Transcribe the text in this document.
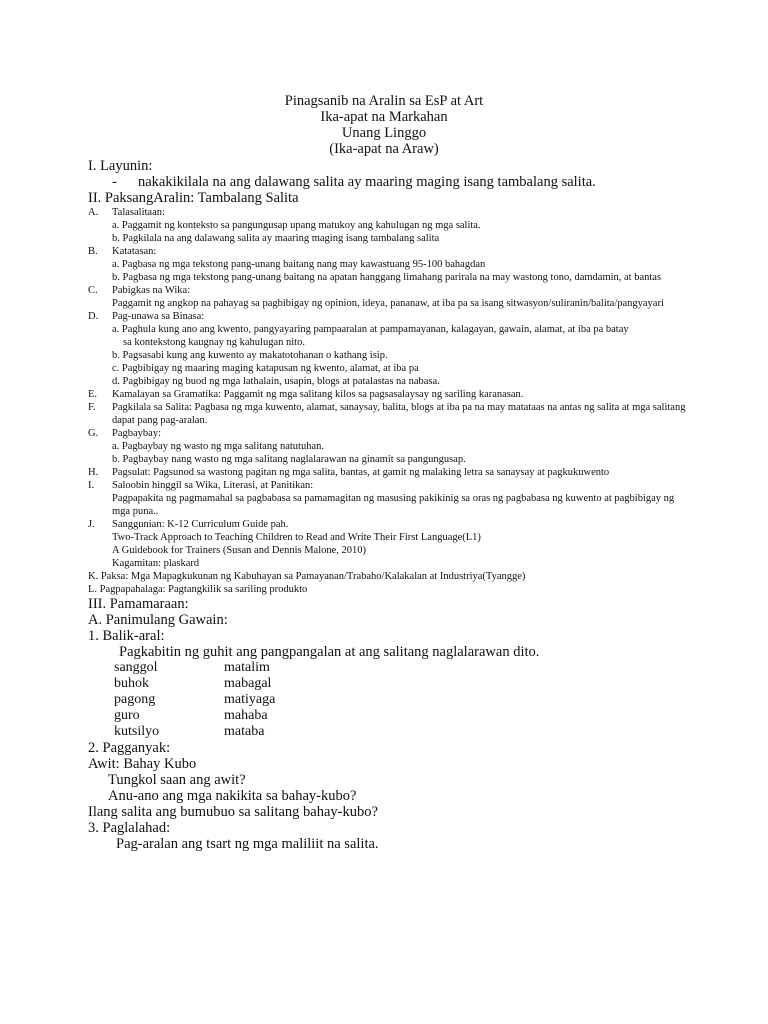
Pinagsanib na Aralin sa EsP at Art
Ika-apat na Markahan
Unang Linggo
(Ika-apat na Araw)
I. Layunin:
- nakakikilala na ang dalawang salita ay maaring maging isang tambalang salita.
II. PaksangAralin: Tambalang Salita
A.	Talasalitaan:
a. Paggamit ng konteksto sa pangungusap upang matukoy ang kahulugan ng mga salita.
b. Pagkilala na ang dalawang salita ay maaring maging isang tambalang salita
B.	Katatasan:
a. Pagbasa ng mga tekstong pang-unang baitang nang may kawastuang 95-100 bahagdan
b. Pagbasa ng mga tekstong pang-unang baitang na apatan hanggang limahang parirala na may wastong tono, damdamin, at bantas
C.	Pabigkas na Wika:
Paggamit ng angkop na pahayag sa pagbibigay ng opinion, ideya, pananaw, at iba pa sa isang sitwasyon/suliranin/balita/pangyayari
D.	Pag-unawa sa Binasa:
a. Paghula kung ano ang kwento, pangyayaring pampaaralan at pampamayanan, kalagayan, gawain, alamat, at iba pa batay
sa kontekstong kaugnay ng kahulugan nito.
b. Pagsasabi kung ang kuwento ay makatotohanan o kathang isip.
c. Pagbibigay ng maaring maging katapusan ng kwento, alamat, at iba pa
d. Pagbibigay ng buod ng mga lathalain, usapin, blogs at patalastas na nabasa.
E.	Kamalayan sa Gramatika: Paggamit ng mga salitang kilos sa pagsasalaysay ng sariling karanasan.
F.	Pagkilala sa Salita: Pagbasa ng mga kuwento, alamat, sanaysay, balita, blogs at iba pa na may matataas na antas ng salita at mga salitang dapat pang pag-aralan.
G.	Pagbaybay:
a. Pagbaybay ng wasto ng mga salitang natutuhan.
b. Pagbaybay nang wasto ng mga salitang naglalarawan na ginamit sa pangungusap.
H.	Pagsulat: Pagsunod sa wastong pagitan ng mga salita, bantas, at gamit ng malaking letra sa sanaysay at pagkukuwento
I.	Saloobin hinggil sa Wika, Literasi, at Panitikan:
Pagpapakita ng pagmamahal sa pagbabasa sa pamamagitan ng masusing pakikinig sa oras ng pagbabasa ng kuwento at pagbibigay ng mga puna..
J.	Sanggunian: K-12 Curriculum Guide pah.
Two-Track Approach to Teaching Children to Read and Write Their First Language(L1)
A Guidebook for Trainers (Susan and Dennis Malone, 2010)
Kagamitan: plaskard
K. Paksa: Mga Mapagkukunan ng Kabuhayan sa Pamayanan/Trabaho/Kalakalan at Industriya(Tyangge)
L. Pagpapahalaga: Pagtangkilik sa sariling produkto
III. Pamamaraan:
A. Panimulang Gawain:
1. Balik-aral:
Pagkabitin ng guhit ang pangpangalan at ang salitang naglalarawan dito.
sanggol	matalim
buhok	mabagal
pagong	matiyaga
guro	mahaba
kutsilyo	mataba
2. Pagganyak:
Awit: Bahay Kubo
Tungkol saan ang awit?
Anu-ano ang mga nakikita sa bahay-kubo?
Ilang salita ang bumubuo sa salitang bahay-kubo?
3. Paglalahad:
Pag-aralan ang tsart ng mga maliliit na salita.
